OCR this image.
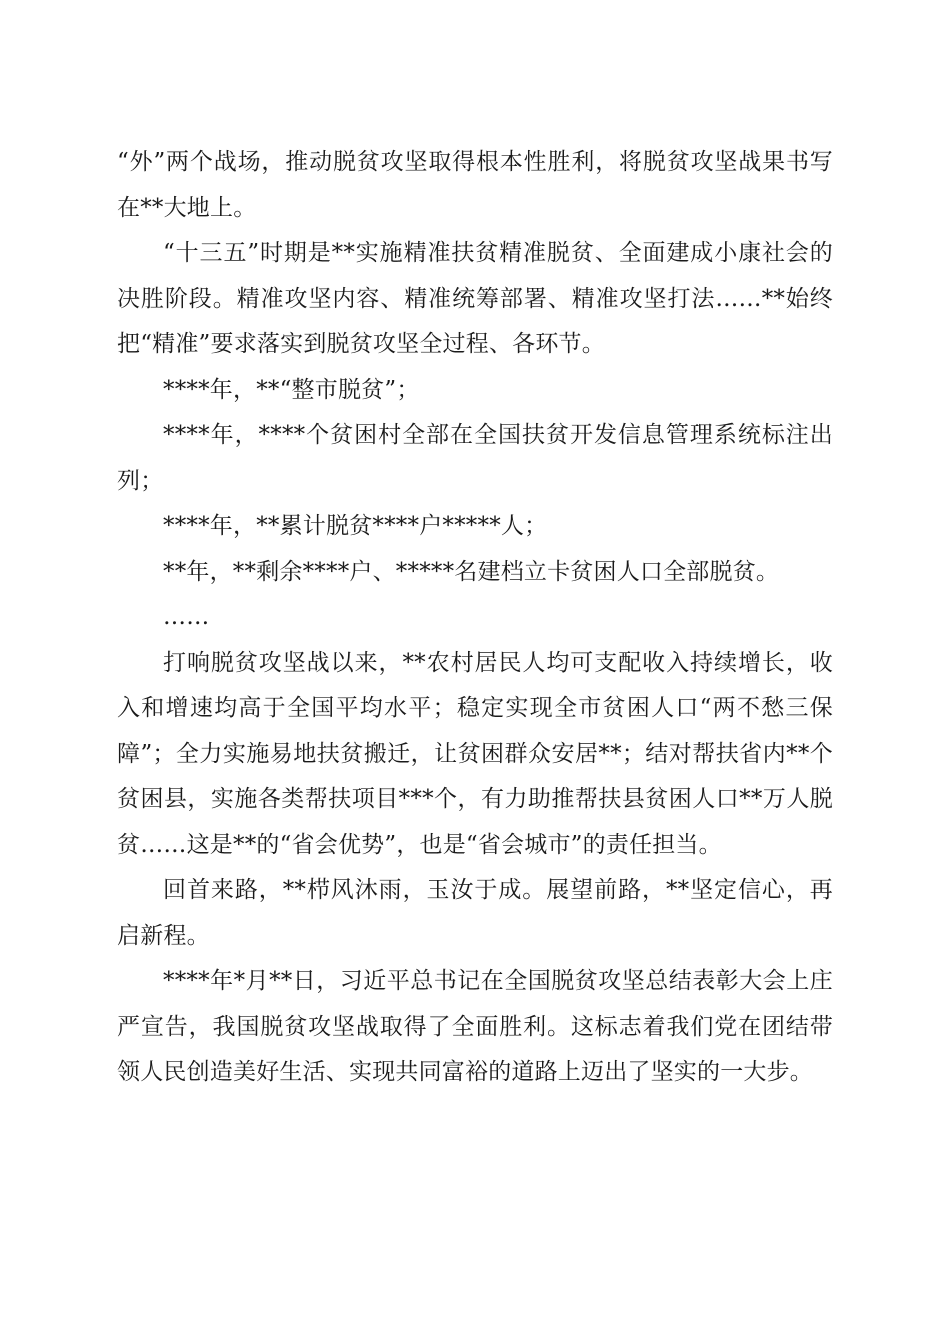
“外”两个战场，推动脱贫攻坚取得根本性胜利，将脱贫攻坚战果书写在**大地上。

“十三五”时期是**实施精准扶贫精准脱贫、全面建成小康社会的决胜阶段。精准攻坚内容、精准统筹部署、精准攻坚打法……**始终把“精准”要求落实到脱贫攻坚全过程、各环节。

****年，**“整市脱贫”；

****年，****个贫困村全部在全国扶贫开发信息管理系统标注出列；

****年，**累计脱贫****户*****人；

**年，**剩余****户、*****名建档立卡贫困人口全部脱贫。

……

打响脱贫攻坚战以来，**农村居民人均可支配收入持续增长，收入和增速均高于全国平均水平；稳定实现全市贫困人口“两不愁三保障”；全力实施易地扶贫搬迁，让贫困群众安居**；结对帮扶省内**个贫困县，实施各类帮扶项目***个，有力助推帮扶县贫困人口**万人脱贫……这是**的“省会优势”，也是“省会城市”的责任担当。

回首来路，**栉风沐雨，玉汝于成。展望前路，**坚定信心，再启新程。

****年*月**日，习近平总书记在全国脱贫攻坚总结表彰大会上庄严宣告，我国脱贫攻坚战取得了全面胜利。这标志着我们党在团结带领人民创造美好生活、实现共同富裕的道路上迈出了坚实的一大步。
